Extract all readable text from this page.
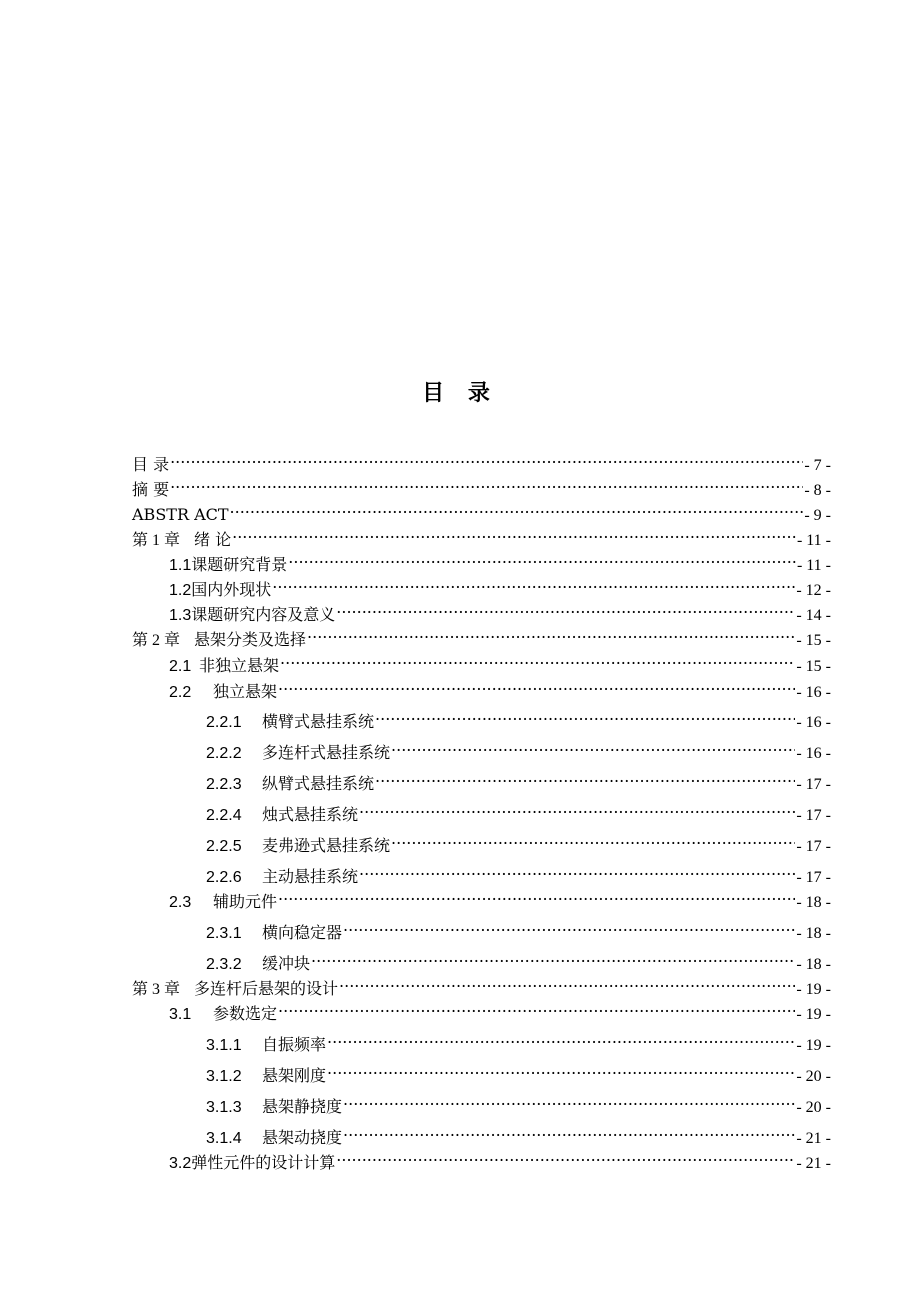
目 录
目 录 .....	- 7 -
摘 要 .....	- 8 -
ABSTR ACT .....	- 9 -
第 1 章 绪 论 .....	- 11 -
1.1 课题研究背景 .....	- 11 -
1.2 国内外现状 .....	- 12 -
1.3 课题研究内容及意义 .....	- 14 -
第 2 章 悬架分类及选择 .....	- 15 -
2.1 非独立悬架 .....	- 15 -
2.2	独立悬架 .....	- 16 -
2.2.1	横臂式悬挂系统 .....	- 16 -
2.2.2	多连杆式悬挂系统 .....	- 16 -
2.2.3	纵臂式悬挂系统 .....	- 17 -
2.2.4	烛式悬挂系统 .....	- 17 -
2.2.5	麦弗逊式悬挂系统 .....	- 17 -
2.2.6	主动悬挂系统 .....	- 17 -
2.3	辅助元件 .....	- 18 -
2.3.1	横向稳定器 .....	- 18 -
2.3.2	缓冲块 .....	- 18 -
第 3 章 多连杆后悬架的设计 .....	- 19 -
3.1	参数选定 .....	- 19 -
3.1.1	自振频率 .....	- 19 -
3.1.2	悬架刚度 .....	- 20 -
3.1.3	悬架静挠度 .....	- 20 -
3.1.4	悬架动挠度 .....	- 21 -
3.2 弹性元件的设计计算 .....	- 21 -
